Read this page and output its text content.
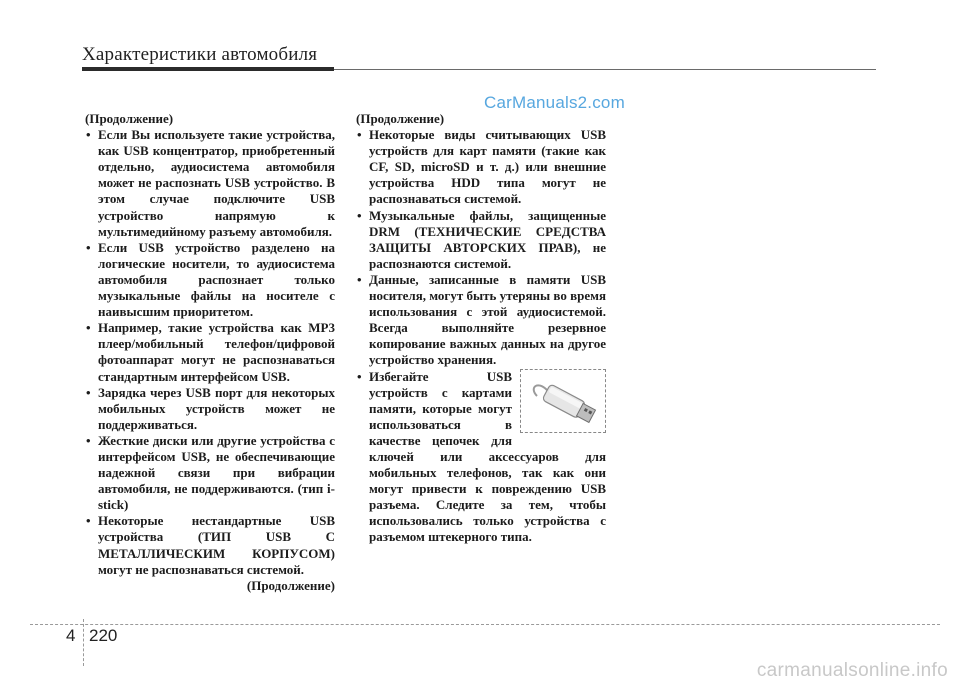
Характеристики автомобиля
CarManuals2.com

(Продолжение)

• Если Вы используете такие устройства, как USB концентратор, приобретенный отдельно, аудиосистема автомобиля может не распознать USB устройство. В этом случае подключите USB устройство напрямую к мультимедийному разъему автомобиля.

• Если USB устройство разделено на логические носители, то аудиосистема автомобиля распознает только музыкальные файлы на носителе с наивысшим приоритетом.

• Например, такие устройства как MP3 плеер/мобильный телефон/цифровой фотоаппарат могут не распознаваться стандартным интерфейсом USB.

• Зарядка через USB порт для некоторых мобильных устройств может не поддерживаться.

• Жесткие диски или другие устройства с интерфейсом USB, не обеспечивающие надежной связи при вибрации автомобиля, не поддерживаются. (тип i-stick)

• Некоторые нестандартные USB устройства (ТИП USB С МЕТАЛЛИЧЕСКИМ КОРПУСОМ) могут не распознаваться системой.

(Продолжение)

(Продолжение)

• Некоторые виды считывающих USB устройств для карт памяти (такие как CF, SD, microSD и т. д.) или внешние устройства HDD типа могут не распознаваться системой.

• Музыкальные файлы, защищенные DRM (ТЕХНИЧЕСКИЕ СРЕДСТВА ЗАЩИТЫ АВТОРСКИХ ПРАВ), не распознаются системой.

• Данные, записанные в памяти USB носителя, могут быть утеряны во время использования с этой аудиосистемой. Всегда выполняйте резервное копирование важных данных на другое устройство хранения.

• Избегайте USB устройств с картами памяти, которые могут использоваться в качестве цепочек для ключей или аксессуаров для мобильных телефонов, так как они могут привести к повреждению USB разъема. Следите за тем, чтобы использовались только устройства с разъемом штекерного типа.

4 220
carmanualsonline.info
